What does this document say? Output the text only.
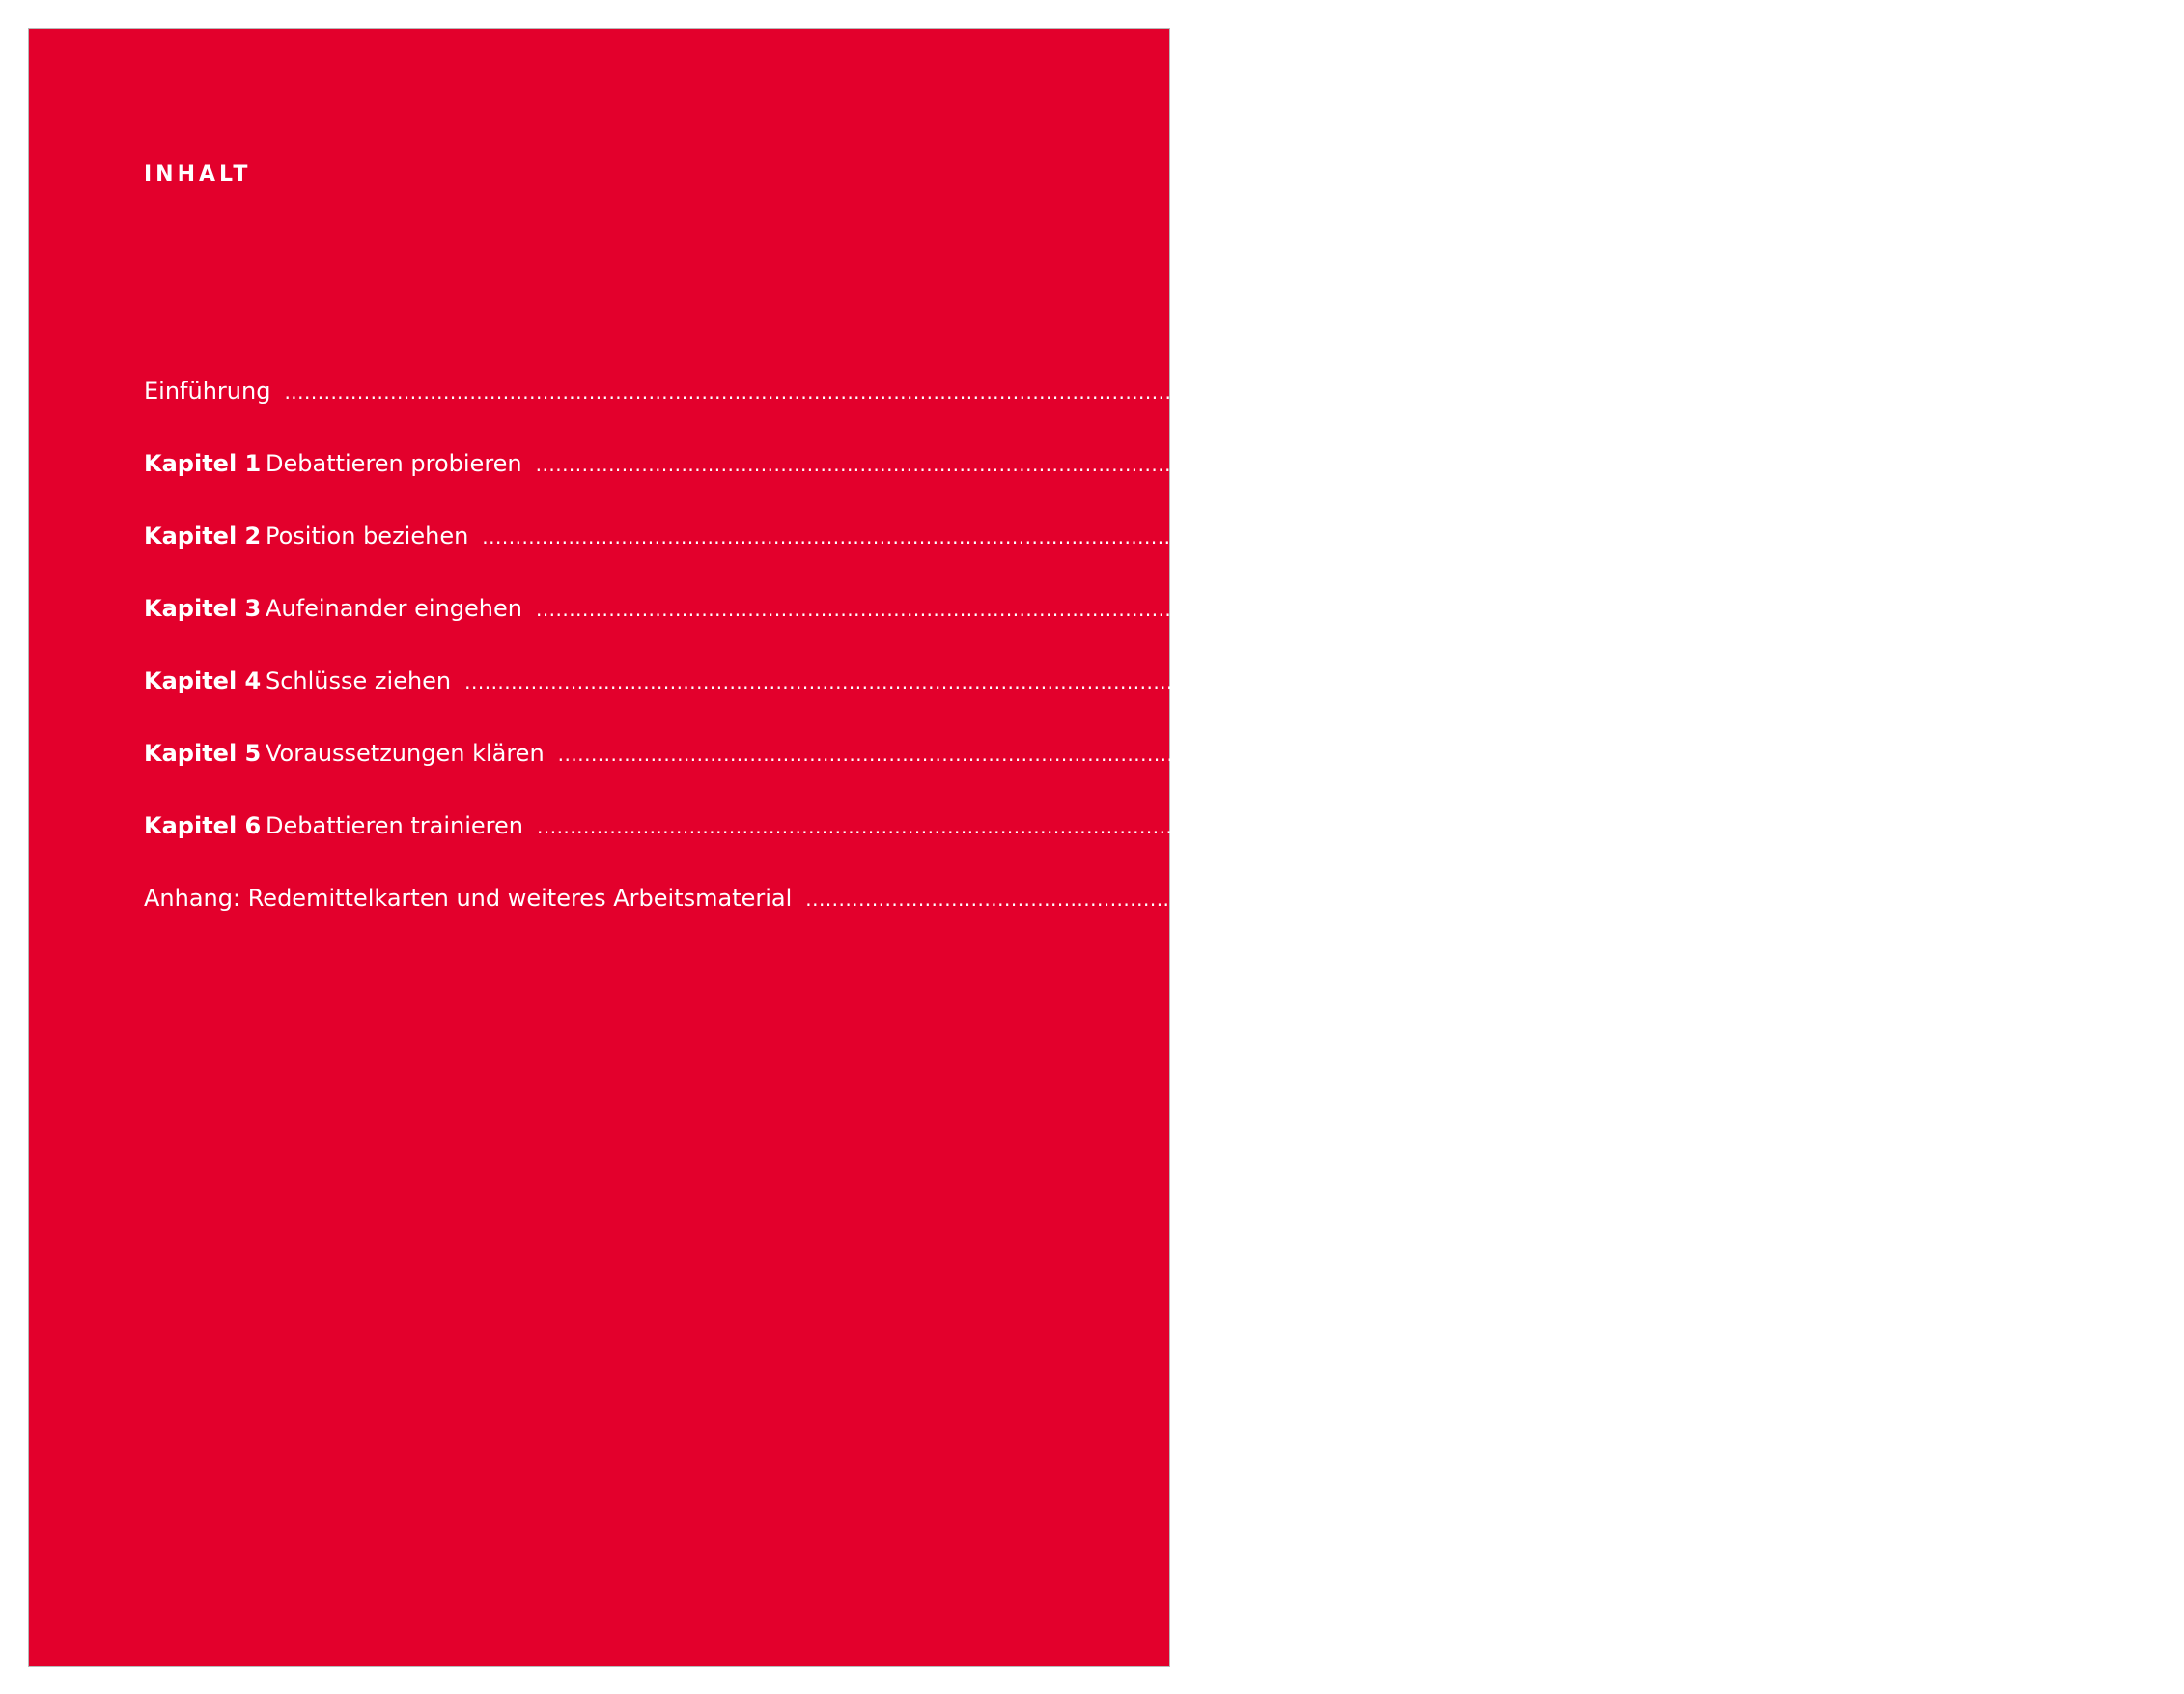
INHALT
Einführung ........................................................................................................................................................................................................	3
Kapitel 1 Debattieren probieren ........................................................................................................................................................................................................	4
Kapitel 2 Position beziehen ........................................................................................................................................................................................................	11
Kapitel 3 Aufeinander eingehen ........................................................................................................................................................................................................	19
Kapitel 4 Schlüsse ziehen ........................................................................................................................................................................................................	27
Kapitel 5 Voraussetzungen klären ........................................................................................................................................................................................................	34
Kapitel 6 Debattieren trainieren ........................................................................................................................................................................................................	39
Anhang: Redemittelkarten und weiteres Arbeitsmaterial ........................................................................................................................................................................................................	49
